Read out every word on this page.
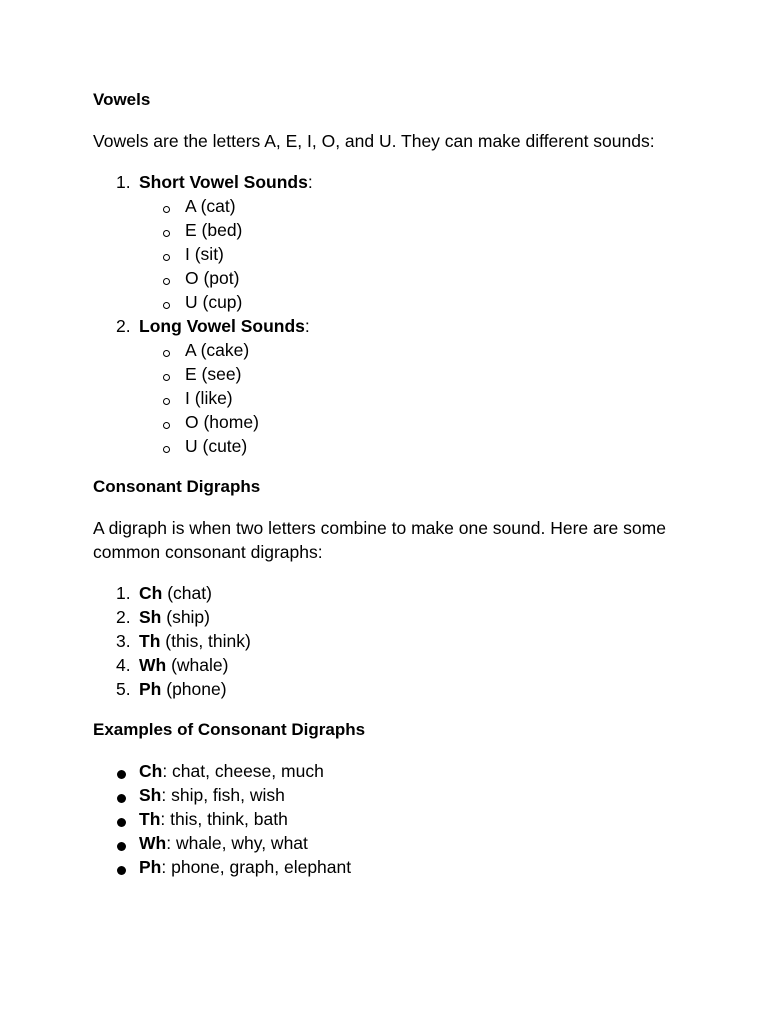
Vowels
Vowels are the letters A, E, I, O, and U. They can make different sounds:
1. Short Vowel Sounds:
A (cat)
E (bed)
I (sit)
O (pot)
U (cup)
2. Long Vowel Sounds:
A (cake)
E (see)
I (like)
O (home)
U (cute)
Consonant Digraphs
A digraph is when two letters combine to make one sound. Here are some common consonant digraphs:
1. Ch (chat)
2. Sh (ship)
3. Th (this, think)
4. Wh (whale)
5. Ph (phone)
Examples of Consonant Digraphs
Ch: chat, cheese, much
Sh: ship, fish, wish
Th: this, think, bath
Wh: whale, why, what
Ph: phone, graph, elephant
